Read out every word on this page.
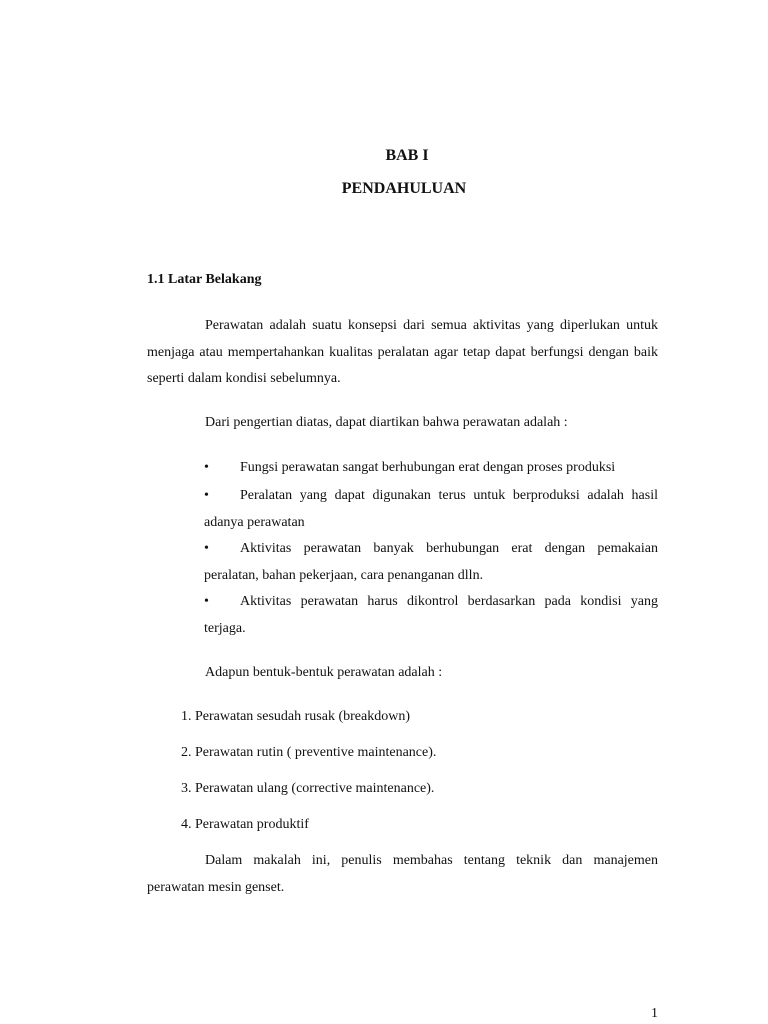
BAB I
PENDAHULUAN
1.1 Latar Belakang
Perawatan adalah suatu konsepsi dari semua aktivitas yang diperlukan untuk menjaga atau mempertahankan kualitas peralatan agar tetap dapat berfungsi dengan baik seperti dalam kondisi sebelumnya.
Dari pengertian diatas, dapat diartikan bahwa perawatan adalah :
• Fungsi perawatan sangat berhubungan erat dengan proses produksi
• Peralatan yang dapat digunakan terus untuk berproduksi adalah hasil adanya perawatan
• Aktivitas perawatan banyak berhubungan erat dengan pemakaian peralatan, bahan pekerjaan, cara penanganan dlln.
• Aktivitas perawatan harus dikontrol berdasarkan pada kondisi yang terjaga.
Adapun bentuk-bentuk perawatan adalah :
1. Perawatan sesudah rusak (breakdown)
2. Perawatan rutin ( preventive maintenance).
3. Perawatan ulang (corrective maintenance).
4. Perawatan produktif
Dalam makalah ini, penulis membahas tentang teknik dan manajemen perawatan mesin genset.
1
